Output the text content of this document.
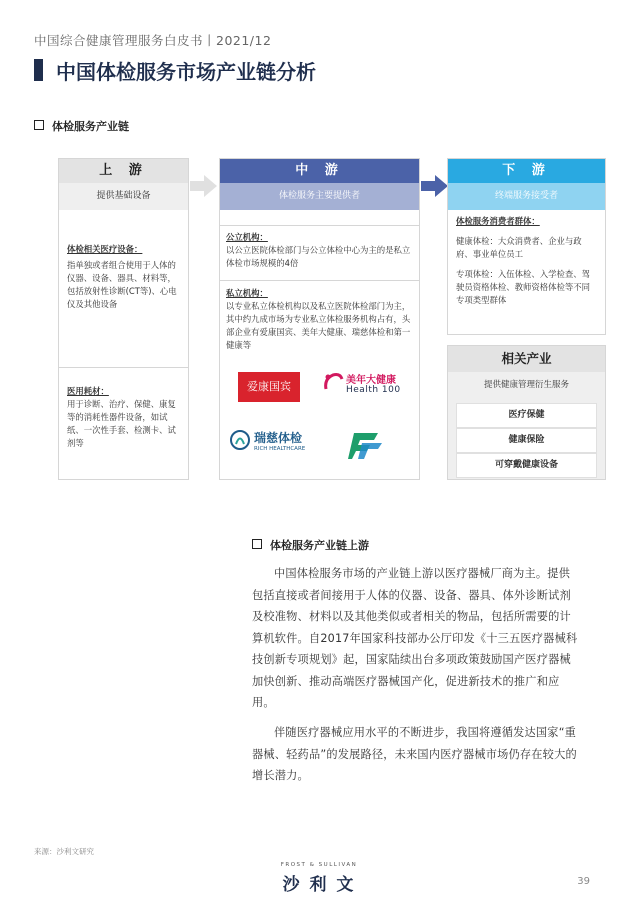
中国综合健康管理服务白皮书丨2021/12
中国体检服务市场产业链分析
体检服务产业链
上 游
提供基础设备
体检相关医疗设备：
指单独或者组合使用于人体的仪器、设备、器具、材料等，包括放射性诊断(CT等)、心电仪及其他设备
医用耗材：
用于诊断、治疗、保健、康复等的消耗性器件设备，如试纸、一次性手套、检测卡、试剂等
中 游
体检服务主要提供者
公立机构：
以公立医院体检部门与公立体检中心为主的是私立体检市场规模的4倍
私立机构：
以专业私立体检机构以及私立医院体检部门为主，其中约九成市场为专业私立体检服务机构占有，头部企业有爱康国宾、美年大健康、瑞慈体检和第一健康等
爱康国宾	美年大健康
Health 100
瑞慈体检
RICH HEALTHCARE
下 游
终端服务接受者
体检服务消费者群体：
健康体检：大众消费者、企业与政府、事业单位员工
专项体检：入伍体检、入学检查、驾驶员资格体检、教师资格体检等不同专项类型群体
相关产业
提供健康管理衍生服务
医疗保健
健康保险
可穿戴健康设备
体检服务产业链上游
中国体检服务市场的产业链上游以医疗器械厂商为主。提供包括直接或者间接用于人体的仪器、设备、器具、体外诊断试剂及校准物、材料以及其他类似或者相关的物品，包括所需要的计算机软件。自2017年国家科技部办公厅印发《十三五医疗器械科技创新专项规划》起，国家陆续出台多项政策鼓励国产医疗器械加快创新、推动高端医疗器械国产化，促进新技术的推广和应用。
伴随医疗器械应用水平的不断进步，我国将遵循发达国家“重器械、轻药品”的发展路径，未来国内医疗器械市场仍存在较大的增长潜力。
来源：沙利文研究
FROST & SULLIVAN
沙 利 文	39
